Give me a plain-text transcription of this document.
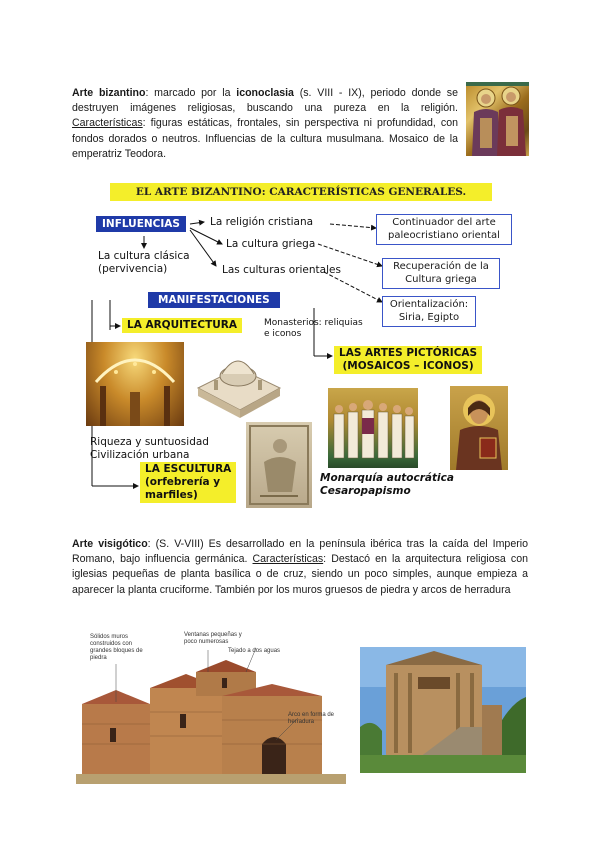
Arte bizantino: marcado por la iconoclasia (s. VIII - IX), periodo donde se destruyen imágenes religiosas, buscando una pureza en la religión. Características: figuras estáticas, frontales, sin perspectiva ni profundidad, con fondos dorados o neutros. Influencias de la cultura musulmana. Mosaico de la emperatriz Teodora.

EL ARTE BIZANTINO: CARACTERÍSTICAS GENERALES.
INFLUENCIAS	La religión cristiana
La cultura griega
Las culturas orientales
La cultura clásica
(pervivencia)
Continuador del arte
paleocristiano oriental
Recuperación de la
Cultura griega
Orientalización:
Siria, Egipto
MANIFESTACIONES
LA ARQUITECTURA	Monasterios: reliquias
e iconos
LAS ARTES PICTÓRICAS
(MOSAICOS – ICONOS)
Riqueza y suntuosidad
Civilización urbana
LA ESCULTURA
(orfebrería y
marfiles)
Monarquía autocrática
Cesaropapismo

Arte visigótico: (S. V-VIII) Es desarrollado en la península ibérica tras la caída del Imperio Romano, bajo influencia germánica. Características: Destacó en la arquitectura religiosa con iglesias pequeñas de planta basílica o de cruz, siendo un poco simples, aunque empieza a aparecer la planta cruciforme. También por los muros gruesos de piedra y arcos de herradura

Sólidos muros construidos con grandes bloques de piedra
Ventanas pequeñas y poco numerosas
Tejado a dos aguas
Arco en forma de herradura
